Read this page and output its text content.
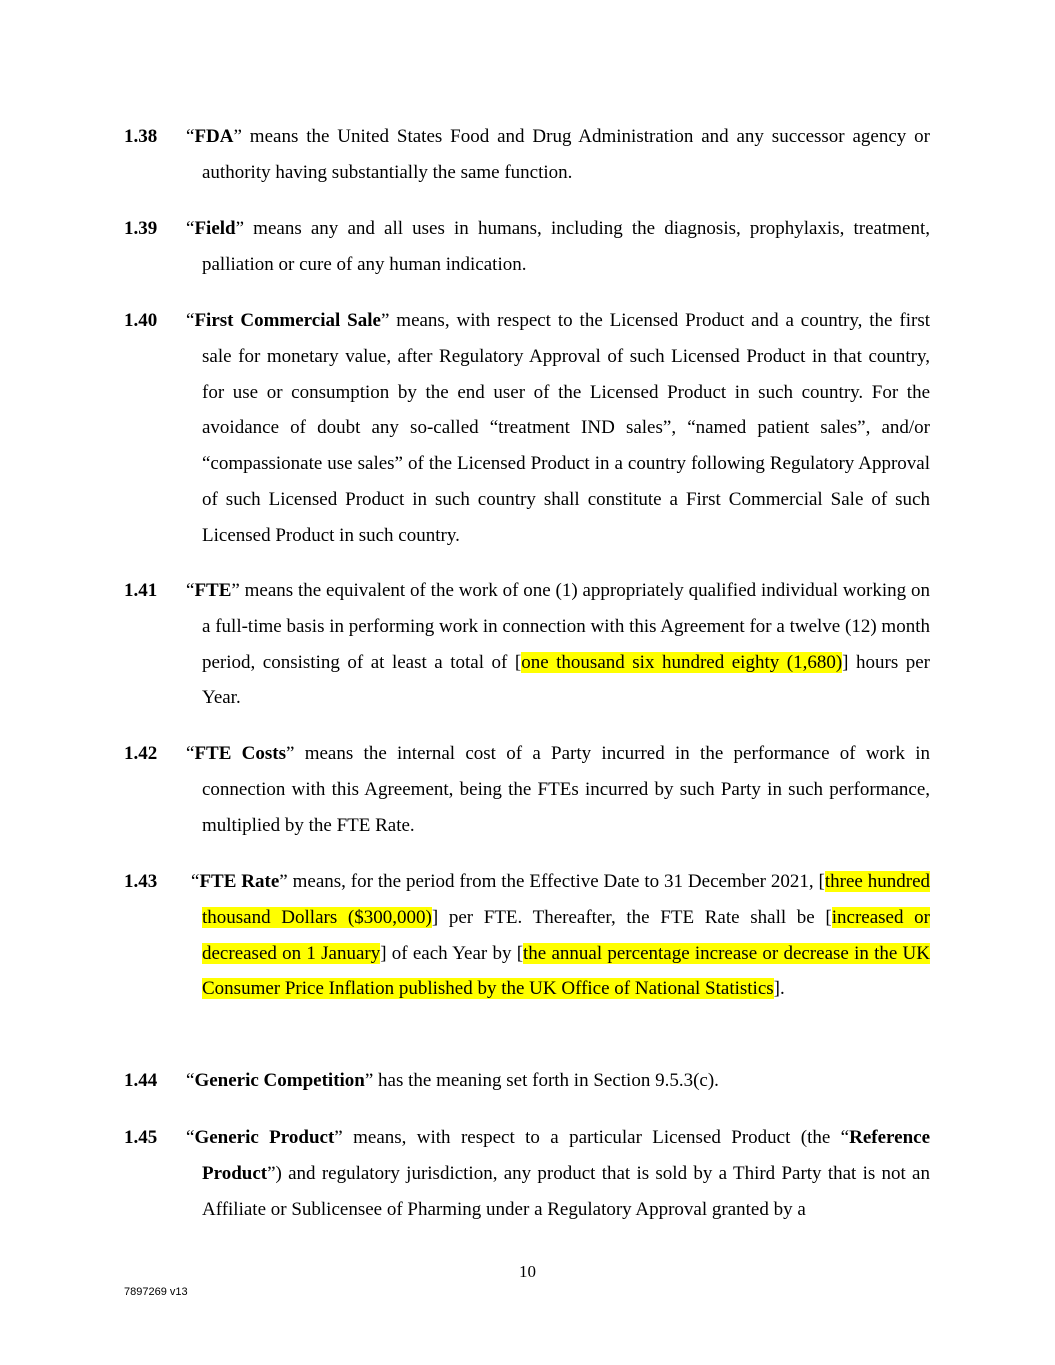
1.38 “FDA” means the United States Food and Drug Administration and any successor agency or authority having substantially the same function.
1.39 “Field” means any and all uses in humans, including the diagnosis, prophylaxis, treatment, palliation or cure of any human indication.
1.40 “First Commercial Sale” means, with respect to the Licensed Product and a country, the first sale for monetary value, after Regulatory Approval of such Licensed Product in that country, for use or consumption by the end user of the Licensed Product in such country. For the avoidance of doubt any so-called “treatment IND sales”, “named patient sales”, and/or “compassionate use sales” of the Licensed Product in a country following Regulatory Approval of such Licensed Product in such country shall constitute a First Commercial Sale of such Licensed Product in such country.
1.41 “FTE” means the equivalent of the work of one (1) appropriately qualified individual working on a full-time basis in performing work in connection with this Agreement for a twelve (12) month period, consisting of at least a total of [one thousand six hundred eighty (1,680)] hours per Year.
1.42 “FTE Costs” means the internal cost of a Party incurred in the performance of work in connection with this Agreement, being the FTEs incurred by such Party in such performance, multiplied by the FTE Rate.
1.43 “FTE Rate” means, for the period from the Effective Date to 31 December 2021, [three hundred thousand Dollars ($300,000)] per FTE. Thereafter, the FTE Rate shall be [increased or decreased on 1 January] of each Year by [the annual percentage increase or decrease in the UK Consumer Price Inflation published by the UK Office of National Statistics].
1.44 “Generic Competition” has the meaning set forth in Section 9.5.3(c).
1.45 “Generic Product” means, with respect to a particular Licensed Product (the “Reference Product”) and regulatory jurisdiction, any product that is sold by a Third Party that is not an Affiliate or Sublicensee of Pharming under a Regulatory Approval granted by a
10
7897269 v13
